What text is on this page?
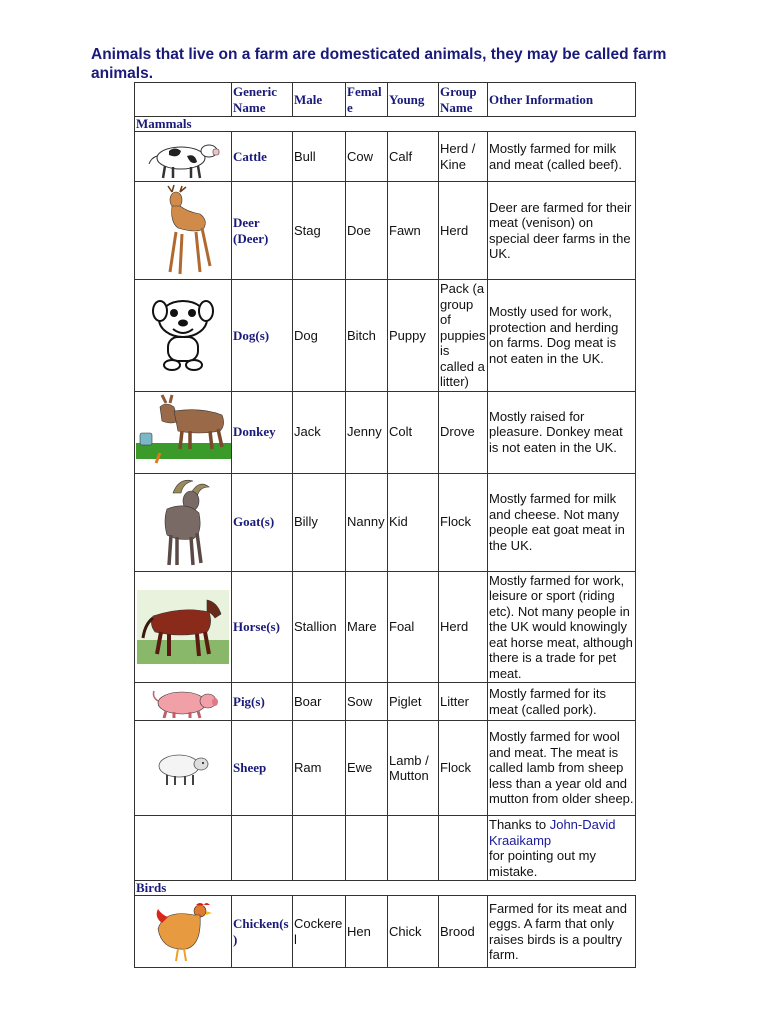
Animals that live on a farm are domesticated animals, they may be called farm animals.
	Generic Name	Male	Female	Young	Group Name	Other Information
Mammals						

	Cattle	Bull	Cow	Calf	Herd / Kine	Mostly farmed for milk and meat (called beef).

	Deer (Deer)	Stag	Doe	Fawn	Herd	Deer are farmed for their meat (venison) on special deer farms in the UK.

	Dog(s)	Dog	Bitch	Puppy	Pack (a group of puppies is called a litter)	Mostly used for work, protection and herding on farms. Dog meat is not eaten in the UK.

	Donkey	Jack	Jenny	Colt	Drove	Mostly raised for pleasure. Donkey meat is not eaten in the UK.

	Goat(s)	Billy	Nanny	Kid	Flock	Mostly farmed for milk and cheese. Not many people eat goat meat in the UK.

	Horse(s)	Stallion	Mare	Foal	Herd	Mostly farmed for work, leisure or sport (riding etc). Not many people in the UK would knowingly eat horse meat, although there is a trade for pet meat.

	Pig(s)	Boar	Sow	Piglet	Litter	Mostly farmed for its meat (called pork).

	Sheep	Ram	Ewe	Lamb / Mutton	Flock	Mostly farmed for wool and meat. The meat is called lamb from sheep less than a year old and mutton from older sheep.
						Thanks to John-David Kraaikamp
for pointing out my mistake.
Birds						

	Chicken(s)	Cockerel	Hen	Chick	Brood	Farmed for its meat and eggs. A farm that only raises birds is a poultry farm.
